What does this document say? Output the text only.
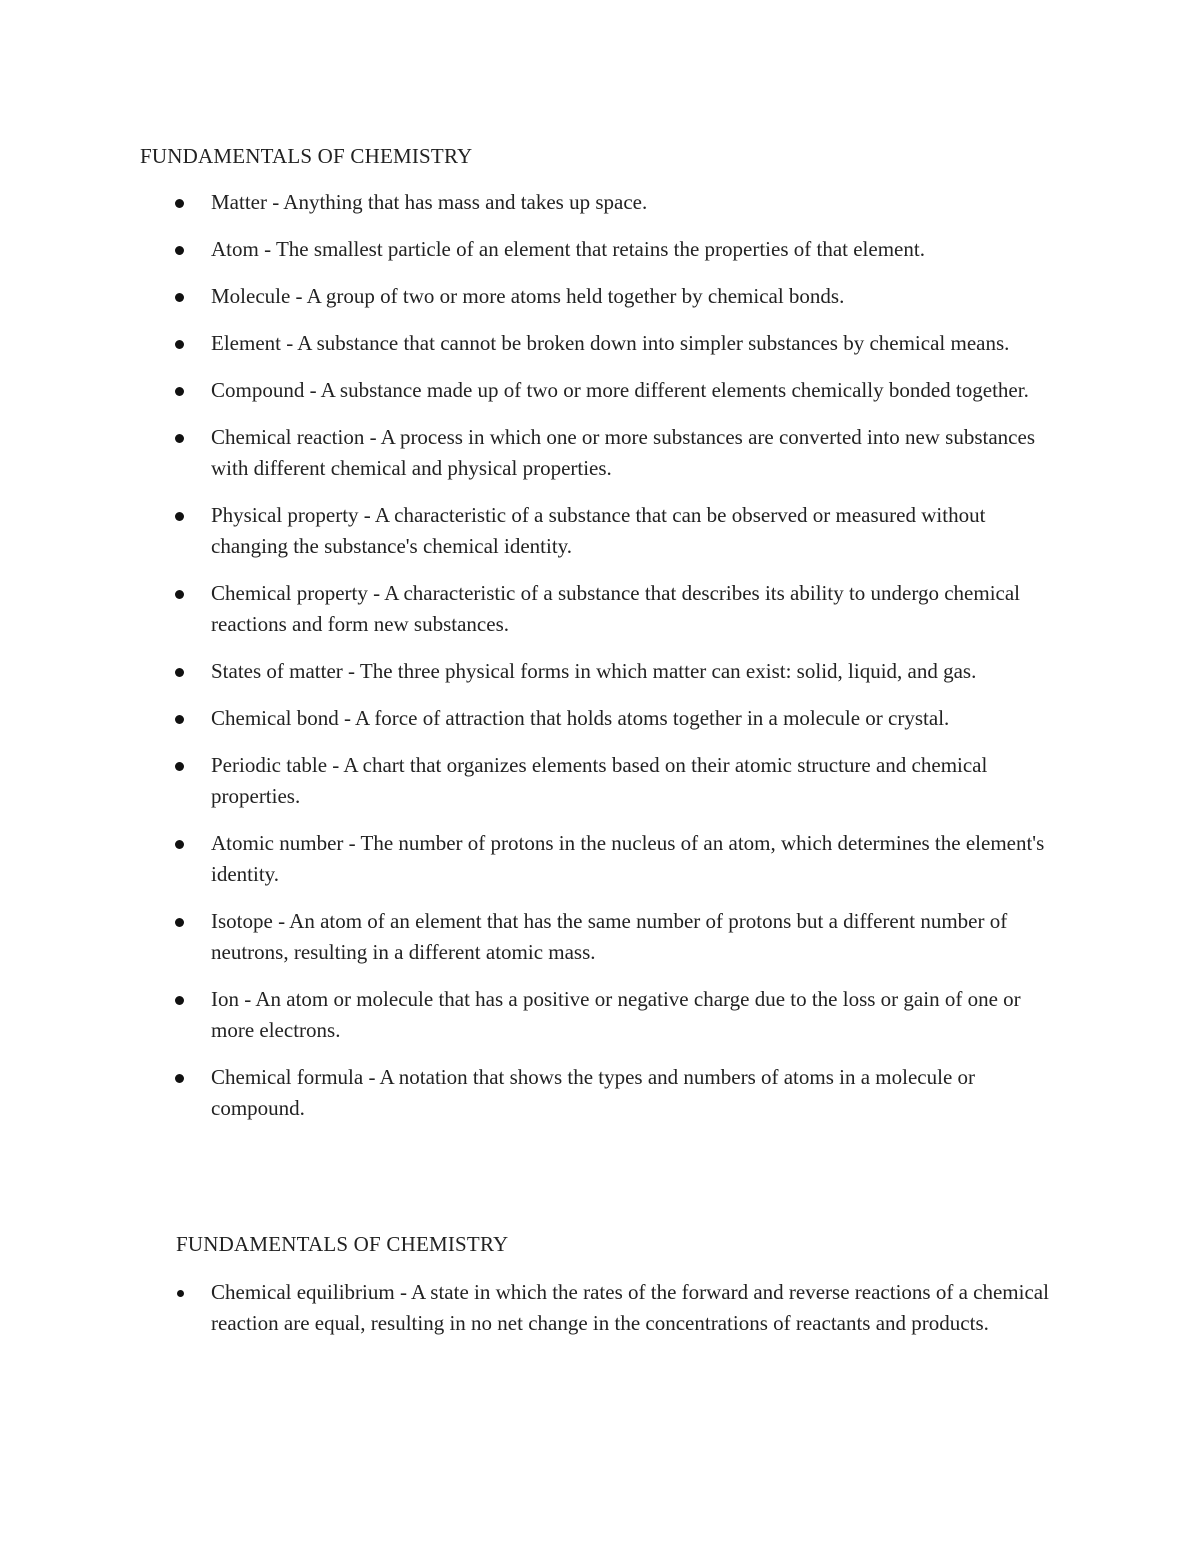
FUNDAMENTALS OF CHEMISTRY
Matter - Anything that has mass and takes up space.
Atom - The smallest particle of an element that retains the properties of that element.
Molecule - A group of two or more atoms held together by chemical bonds.
Element - A substance that cannot be broken down into simpler substances by chemical means.
Compound - A substance made up of two or more different elements chemically bonded together.
Chemical reaction - A process in which one or more substances are converted into new substances with different chemical and physical properties.
Physical property - A characteristic of a substance that can be observed or measured without changing the substance's chemical identity.
Chemical property - A characteristic of a substance that describes its ability to undergo chemical reactions and form new substances.
States of matter - The three physical forms in which matter can exist: solid, liquid, and gas.
Chemical bond - A force of attraction that holds atoms together in a molecule or crystal.
Periodic table - A chart that organizes elements based on their atomic structure and chemical properties.
Atomic number - The number of protons in the nucleus of an atom, which determines the element's identity.
Isotope - An atom of an element that has the same number of protons but a different number of neutrons, resulting in a different atomic mass.
Ion - An atom or molecule that has a positive or negative charge due to the loss or gain of one or more electrons.
Chemical formula - A notation that shows the types and numbers of atoms in a molecule or compound.
FUNDAMENTALS OF CHEMISTRY
Chemical equilibrium - A state in which the rates of the forward and reverse reactions of a chemical reaction are equal, resulting in no net change in the concentrations of reactants and products.
